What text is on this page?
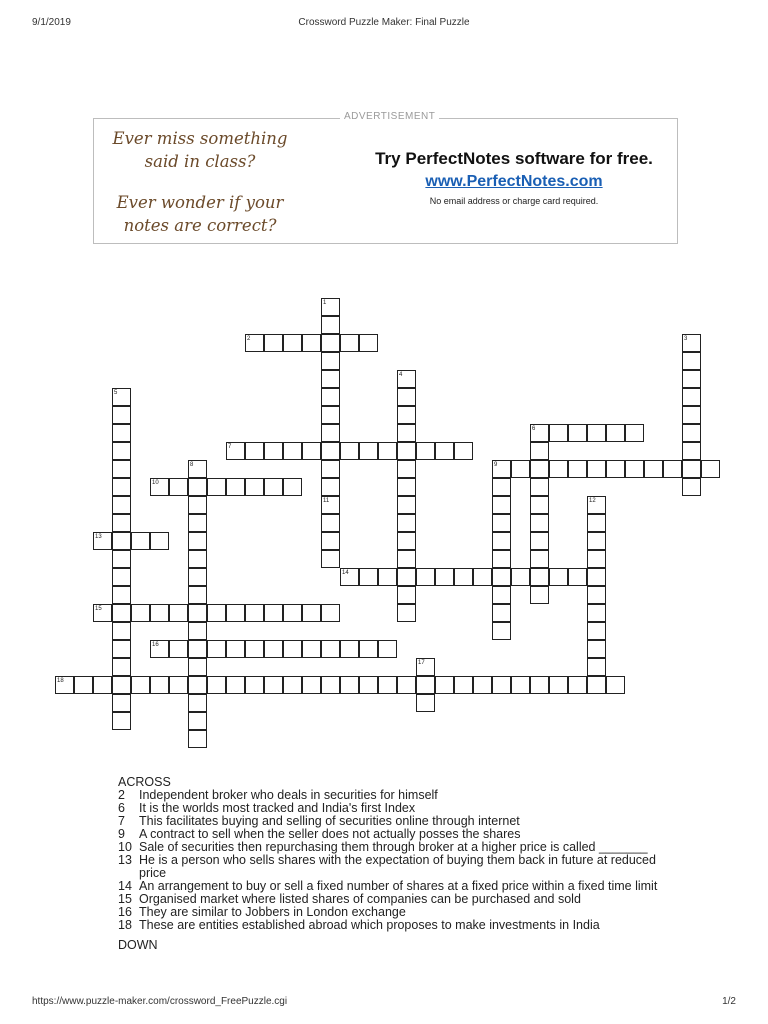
9/1/2019	Crossword Puzzle Maker: Final Puzzle
Ever miss something said in class?
Ever wonder if your notes are correct?
Try PerfectNotes software for free.
www.PerfectNotes.com
No email address or charge card required.
ADVERTISEMENT
1
2	3
4
5
6
7
8	9
10
11	12
13
14
15
16
17
18
ACROSS
2	Independent broker who deals in securities for himself
6	It is the worlds most tracked and India's first Index
7	This facilitates buying and selling of securities online through internet
9	A contract to sell when the seller does not actually posses the shares
10 Sale of securities then repurchasing them through broker at a higher price is called _______
13 He is a person who sells shares with the expectation of buying them back in future at reduced price
14 An arrangement to buy or sell a fixed number of shares at a fixed price within a fixed time limit
15 Organised market where listed shares of companies can be purchased and sold
16 They are similar to Jobbers in London exchange
18 These are entities established abroad which proposes to make investments in India
DOWN
https://www.puzzle-maker.com/crossword_FreePuzzle.cgi	1/2
